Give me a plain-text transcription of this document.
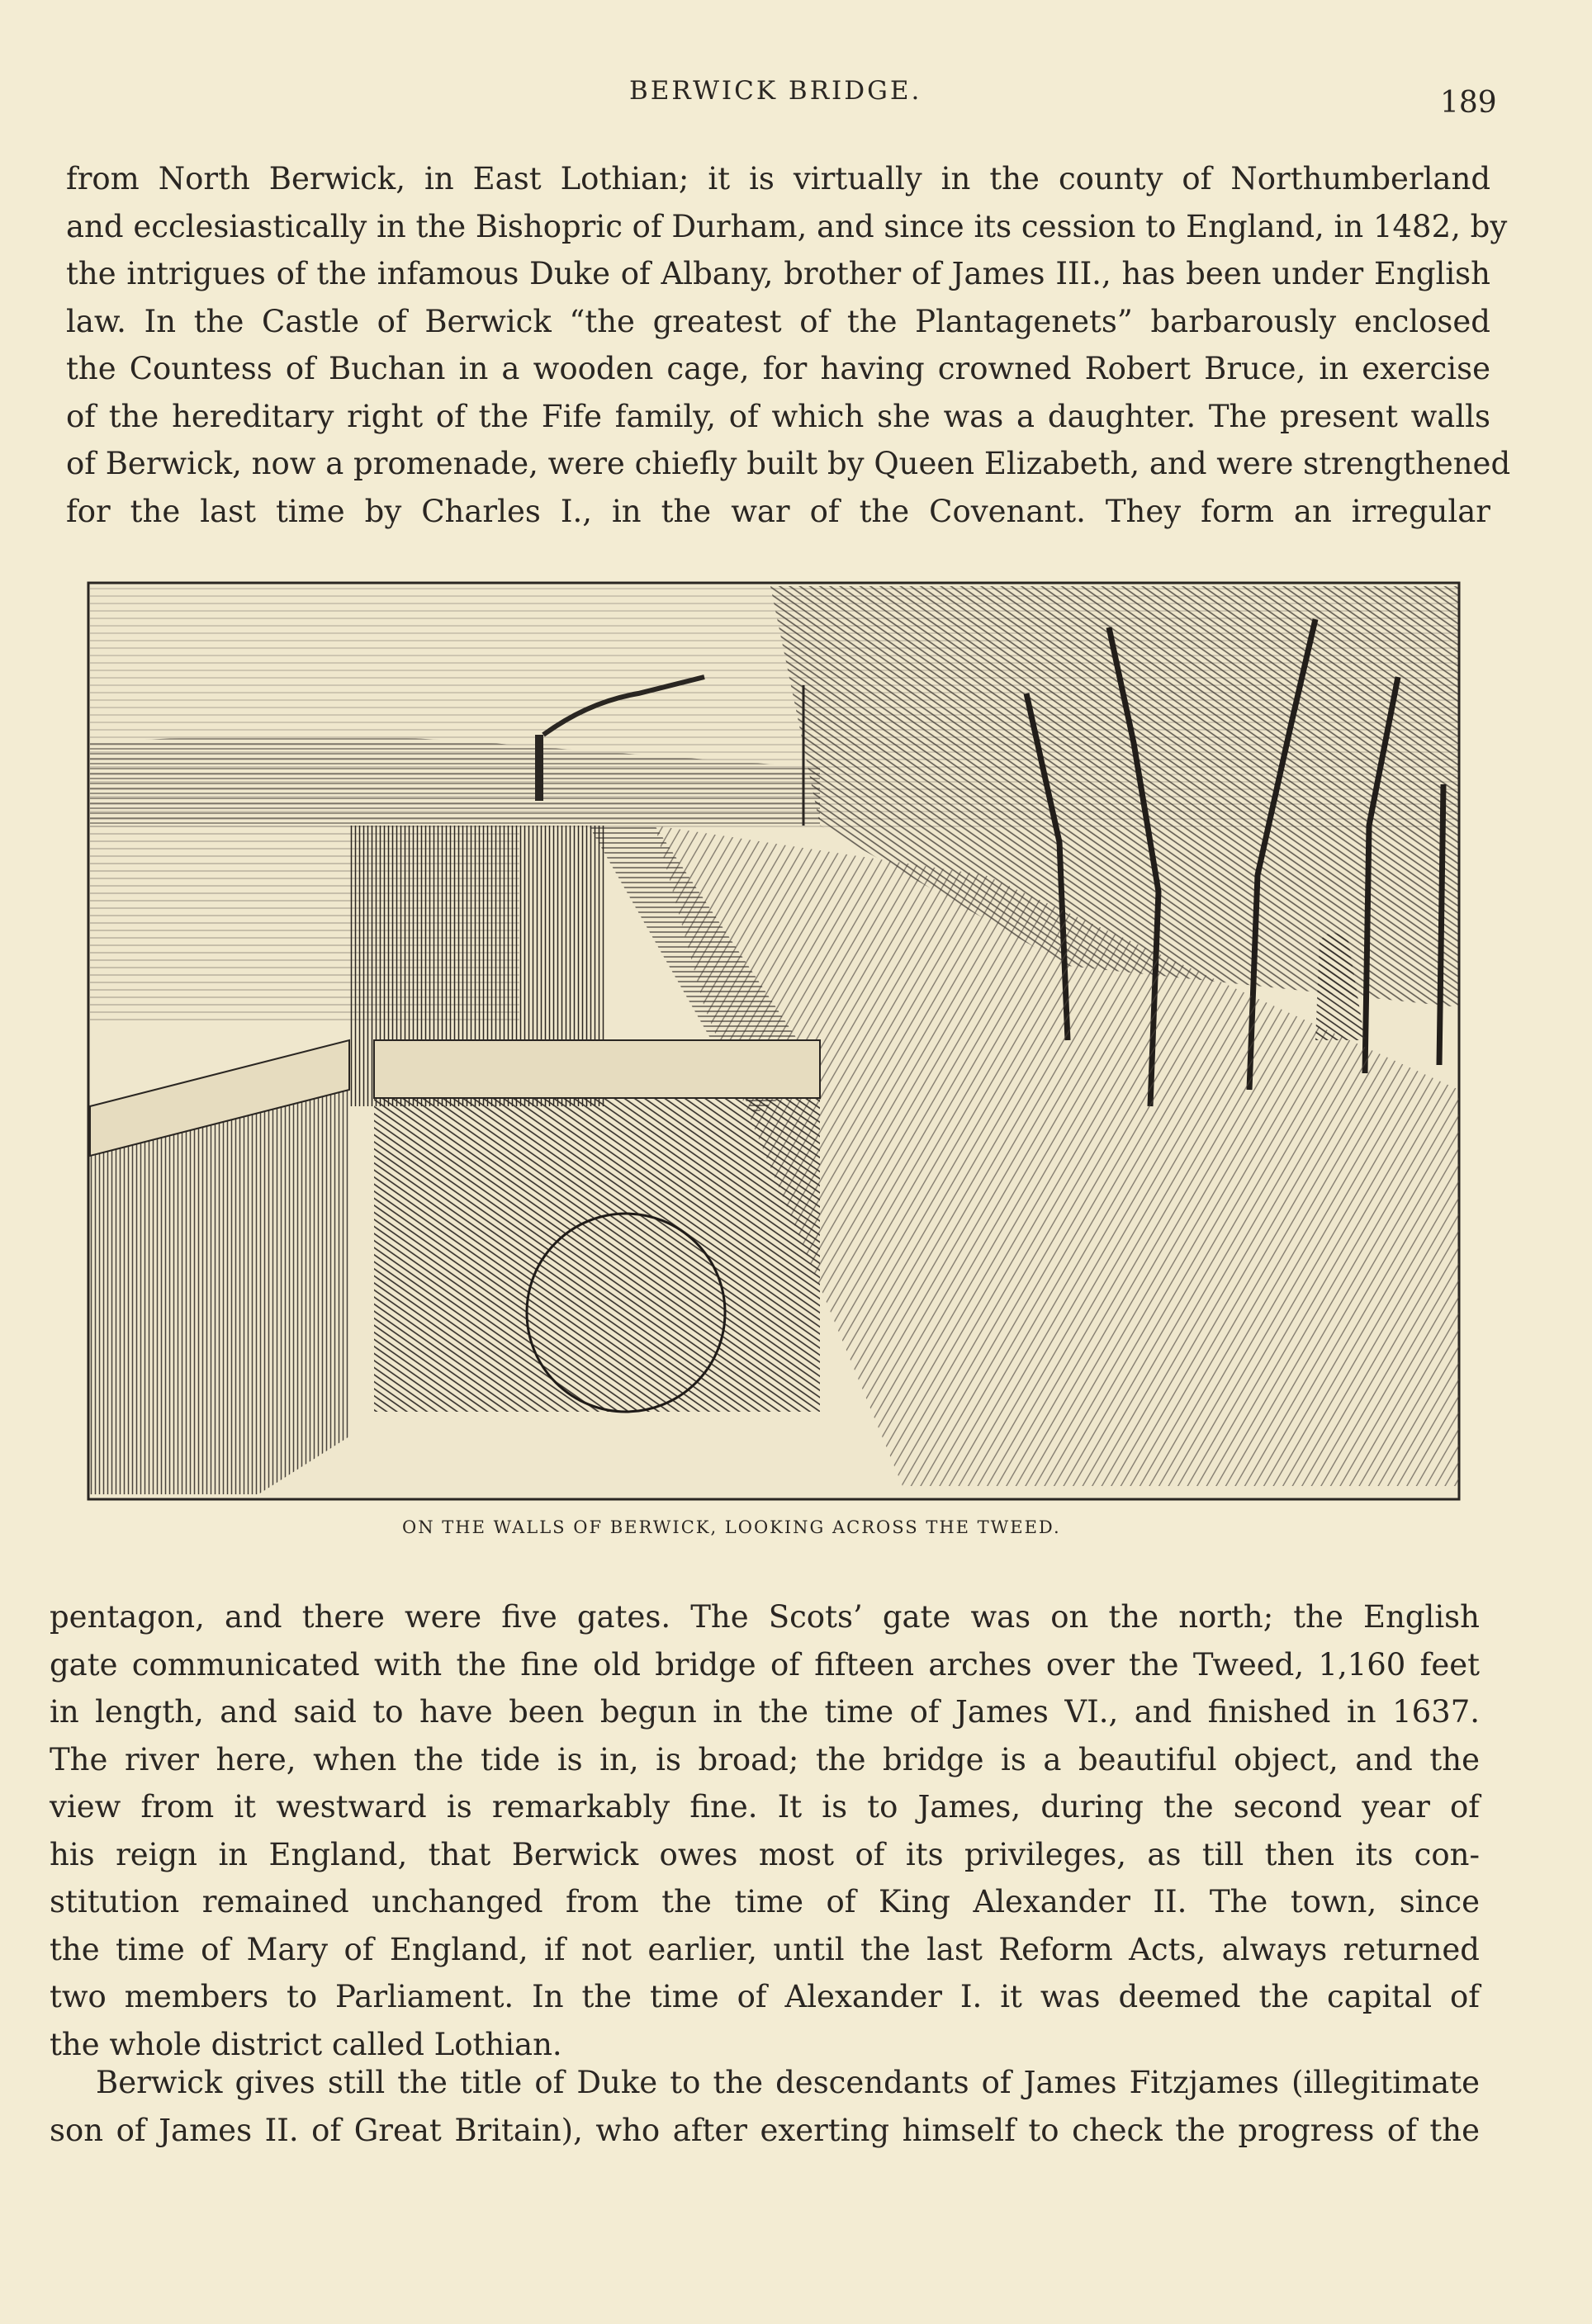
BERWICK BRIDGE.	189
from North Berwick, in East Lothian; it is virtually in the county of Northumberland
and ecclesiastically in the Bishopric of Durham, and since its cession to England, in 1482, by
the intrigues of the infamous Duke of Albany, brother of James III., has been under English
law. In the Castle of Berwick “the greatest of the Plantagenets” barbarously enclosed
the Countess of Buchan in a wooden cage, for having crowned Robert Bruce, in exercise
of the hereditary right of the Fife family, of which she was a daughter. The present walls
of Berwick, now a promenade, were chiefly built by Queen Elizabeth, and were strengthened
for the last time by Charles I., in the war of the Covenant. They form an irregular
ON THE WALLS OF BERWICK, LOOKING ACROSS THE TWEED.
pentagon, and there were five gates. The Scots’ gate was on the north; the English
gate communicated with the fine old bridge of fifteen arches over the Tweed, 1,160 feet
in length, and said to have been begun in the time of James VI., and finished in 1637.
The river here, when the tide is in, is broad; the bridge is a beautiful object, and the
view from it westward is remarkably fine. It is to James, during the second year of
his reign in England, that Berwick owes most of its privileges, as till then its con-
stitution remained unchanged from the time of King Alexander II. The town, since
the time of Mary of England, if not earlier, until the last Reform Acts, always returned
two members to Parliament. In the time of Alexander I. it was deemed the capital of
the whole district called Lothian.
Berwick gives still the title of Duke to the descendants of James Fitzjames (illegitimate
son of James II. of Great Britain), who after exerting himself to check the progress of the
